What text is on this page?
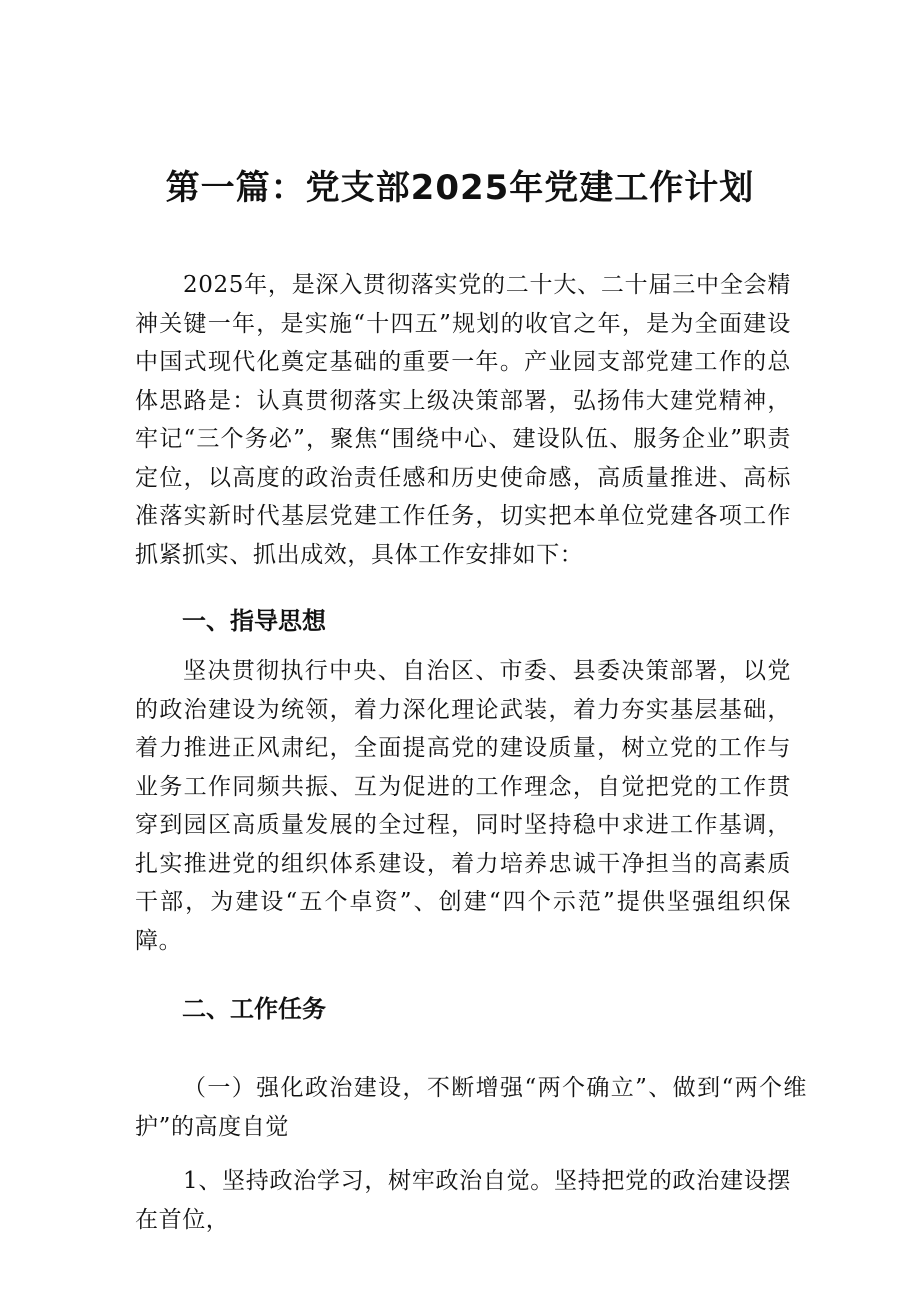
第一篇：党支部2025年党建工作计划

2025年，是深入贯彻落实党的二十大、二十届三中全会精神关键一年，是实施“十四五”规划的收官之年，是为全面建设中国式现代化奠定基础的重要一年。产业园支部党建工作的总体思路是：认真贯彻落实上级决策部署，弘扬伟大建党精神，牢记“三个务必”，聚焦“围绕中心、建设队伍、服务企业”职责定位，以高度的政治责任感和历史使命感，高质量推进、高标准落实新时代基层党建工作任务，切实把本单位党建各项工作抓紧抓实、抓出成效，具体工作安排如下：

一、指导思想

坚决贯彻执行中央、自治区、市委、县委决策部署，以党的政治建设为统领，着力深化理论武装，着力夯实基层基础，着力推进正风肃纪，全面提高党的建设质量，树立党的工作与业务工作同频共振、互为促进的工作理念，自觉把党的工作贯穿到园区高质量发展的全过程，同时坚持稳中求进工作基调，扎实推进党的组织体系建设，着力培养忠诚干净担当的高素质干部，为建设“五个卓资”、创建“四个示范”提供坚强组织保障。

二、工作任务

（一）强化政治建设，不断增强“两个确立”、做到“两个维护”的高度自觉

1、坚持政治学习，树牢政治自觉。坚持把党的政治建设摆在首位，
